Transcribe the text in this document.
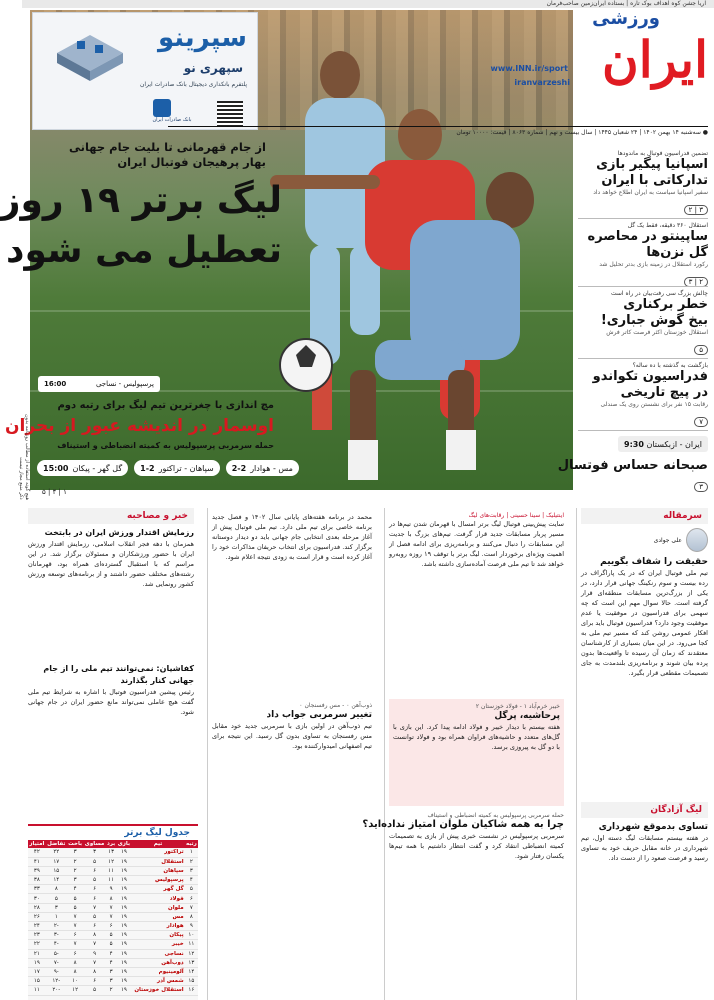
آریا جشن کوه اهداف بوک تاره | بستاده ایران‌زمین صاحب‌فرمان
سپرینو
سپهری نو
پلتفرم بانکداری دیجیتال بانک صادرات ایران
بانک صادرات ایران
ورزشی
ایران
www.INN.ir/sport
iranvarzeshi
● سه‌شنبه ۱۴ بهمن ۱۴۰۲ | ۲۴ شعبان ۱۴۴۵ | سال بیست و نهم | شماره ۸۰۶۳ | قیمت: ۱۰۰۰۰ تومان
از جام قهرمانی تا بلیت جام جهانی
بهار پرهیجان فوتبال ایران
لیگ برتر ۱۹ روز
تعطیل می شود
16:00	پرسپولیس - نساجی
مچ اندازی با چغرترین تیم لیگ برای رتبه دوم
اوسمار در اندیشه عبور از بحران
حمله سرمربی پرسپولیس به کمیته انضباطی و استیناف
15:00 گل گهر - پیکان 1-2 سپاهان - تراکتور 2-2 مس - هوادار
۵ | ۴ | ۱
هیچ گونه استفاده از مطالب روزنامه بدون ذکر منبع مجاز نیست
تضمین فدراسیون فوتبال به ماندودها
اسپانیا پیگیر بازی
تدارکاتی با ایران
سفیر اسپانیا سیاست به ایران اطلاع خواهد داد
۲ | ۳
استقلال ۳۶۰ دقیقه، فقط یک گل
ساپینتو در محاصره
گل نزن‌ها
رکورد استقلال در زمینه بازی بدتر تحلیل شد
۳ | ۲
چالش بزرگ سی رفت‌بیان در راه است
خطر برکناری
بیخ گوش جباری!
استقلال خوزستان اکثر فرصت کاتر فرش
۵
بازگشت به گذشته با ده ساله؟
فدراسیون تکواندو
در پیچ تاریخی
رقابت ۱۵ نفر برای نشستن روی یک صندلی
۷
صبحانه حساس فوتسال
۳
9:30 ایران - ازبکستان
سرمقاله
علی جوادی
حقیقت را شفاف بگوییم
تیم ملی فوتبال ایران که در یک پاراگراف در رده بیست و سوم رنکینگ جهانی قرار دارد، در یکی از بزرگ‌ترین مسابقات منطقه‌ای قرار گرفته است. حالا سوال مهم این است که چه سهمی برای فدراسیون در موفقیت یا عدم موفقیت وجود دارد؟ فدراسیون فوتبال باید برای افکار عمومی روشن کند که مسیر تیم ملی به کجا می‌رود. در این میان بسیاری از کارشناسان معتقدند که زمان آن رسیده تا واقعیت‌ها بدون پرده بیان شوند و برنامه‌ریزی بلندمدت به جای تصمیمات مقطعی قرار بگیرد.
لیگ آزادگان
تساوی بدموقع شهرداری
در هفته بیستم مسابقات لیگ دسته اول، تیم شهرداری در خانه مقابل حریف خود به تساوی رسید و فرصت صعود را از دست داد.
اینتیلیک | سینا حسینی | رقابت‌های لیگ
سایت پیش‌بینی فوتبال لیگ برتر امسال با قهرمان شدن تیم‌ها در مسیر پربار مسابقات جدید قرار گرفت. تیم‌های بزرگ با جدیت این مسابقات را دنبال می‌کنند و برنامه‌ریزی برای ادامه فصل از اهمیت ویژه‌ای برخوردار است. لیگ برتر با توقف ۱۹ روزه روبه‌رو خواهد شد تا تیم ملی فرصت آماده‌سازی داشته باشد.
خیبر خرم‌آباد ۱ - فولاد خوزستان ۲
پرحاشیه، پرگل
هفته بیستم با دیدار خیبر و فولاد ادامه پیدا کرد. این بازی با گل‌های متعدد و حاشیه‌های فراوان همراه بود و فولاد توانست با دو گل به پیروزی برسد.
حمله سرمربی پرسپولیس به کمیته انضباطی و استیناف
چرا به همه شاکیان ملوان امتیاز نداده‌اید؟
سرمربی پرسپولیس در نشست خبری پیش از بازی به تصمیمات کمیته انضباطی انتقاد کرد و گفت انتظار داشتیم با همه تیم‌ها یکسان رفتار شود.
محمد در برنامه هفته‌های پایانی سال ۱۴۰۲ و فصل جدید برنامه خاصی برای تیم ملی دارد. تیم ملی فوتبال پیش از آغاز مرحله بعدی انتخابی جام جهانی باید دو دیدار دوستانه برگزار کند. فدراسیون برای انتخاب حریفان مذاکرات خود را آغاز کرده است و قرار است به زودی نتیجه اعلام شود.
ذوب‌آهن ۰ - مس رفسنجان ۰
تغییر سرمربی جواب داد
تیم ذوب‌آهن در اولین بازی با سرمربی جدید خود مقابل مس رفسنجان به تساوی بدون گل رسید. این نتیجه برای تیم اصفهانی امیدوارکننده بود.
خبر و مصاحبه
رزمایش اقتدار ورزش ایران در بابتخت
همزمان با دهه فجر انقلاب اسلامی، رزمایش اقتدار ورزش ایران با حضور ورزشکاران و مسئولان برگزار شد. در این مراسم که با استقبال گسترده‌ای همراه بود، قهرمانان رشته‌های مختلف حضور داشتند و از برنامه‌های توسعه ورزش کشور رونمایی شد.
کفاشیان: نمی‌توانند تیم ملی را از جام جهانی کنار بگذارند
رئیس پیشین فدراسیون فوتبال با اشاره به شرایط تیم ملی گفت هیچ عاملی نمی‌تواند مانع حضور ایران در جام جهانی شود.
جدول لیگ برتر
رتبه	تیم	بازی	برد	مساوی	باخت	تفاضل	امتیاز
۱	تراکتور	۱۹	۱۳	۳	۳	۲۲	۴۲
۲	استقلال	۱۹	۱۲	۵	۲	۱۷	۴۱
۳	سپاهان	۱۹	۱۱	۶	۲	۱۵	۳۹
۴	پرسپولیس	۱۹	۱۱	۵	۳	۱۴	۳۸
۵	گل گهر	۱۹	۹	۶	۴	۸	۳۳
۶	فولاد	۱۹	۸	۶	۵	۵	۳۰
۷	ملوان	۱۹	۷	۷	۵	۳	۲۸
۸	مس	۱۹	۷	۵	۷	۱	۲۶
۹	هوادار	۱۹	۶	۶	۷	-۲	۲۴
۱۰	پیکان	۱۹	۵	۸	۶	-۳	۲۳
۱۱	خیبر	۱۹	۵	۷	۷	-۴	۲۲
۱۲	نساجی	۱۹	۴	۹	۶	-۵	۲۱
۱۳	ذوب‌آهن	۱۹	۴	۷	۸	-۷	۱۹
۱۴	آلومینیوم	۱۹	۳	۸	۸	-۹	۱۷
۱۵	شمس آذر	۱۹	۳	۶	۱۰	-۱۲	۱۵
۱۶	استقلال خوزستان	۱۹	۲	۵	۱۲	-۲۰	۱۱
